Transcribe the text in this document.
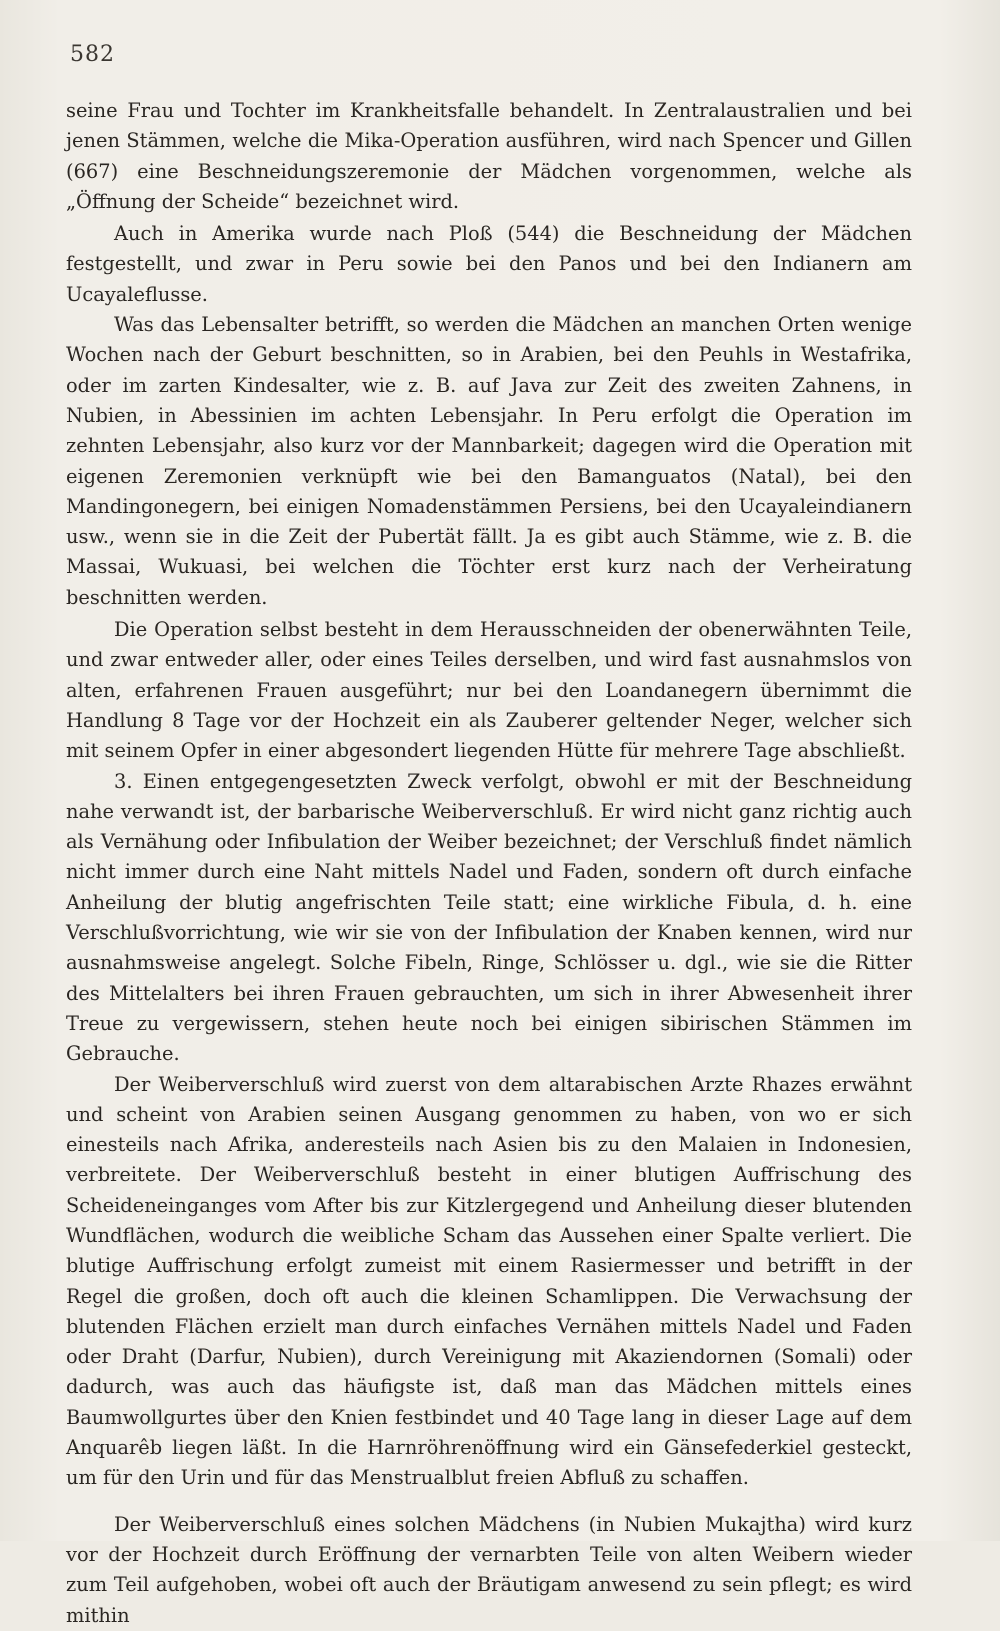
582

seine Frau und Tochter im Krankheitsfalle behandelt. In Zentralaustralien und bei jenen Stämmen, welche die Mika-Operation ausführen, wird nach Spencer und Gillen (667) eine Beschneidungszeremonie der Mädchen vorgenommen, welche als „Öffnung der Scheide“ bezeichnet wird.

Auch in Amerika wurde nach Ploß (544) die Beschneidung der Mädchen festgestellt, und zwar in Peru sowie bei den Panos und bei den Indianern am Ucayaleflusse.

Was das Lebensalter betrifft, so werden die Mädchen an manchen Orten wenige Wochen nach der Geburt beschnitten, so in Arabien, bei den Peuhls in Westafrika, oder im zarten Kindesalter, wie z. B. auf Java zur Zeit des zweiten Zahnens, in Nubien, in Abessinien im achten Lebensjahr. In Peru erfolgt die Operation im zehnten Lebensjahr, also kurz vor der Mannbarkeit; dagegen wird die Operation mit eigenen Zeremonien verknüpft wie bei den Bamanguatos (Natal), bei den Mandingonegern, bei einigen Nomadenstämmen Persiens, bei den Ucayaleindianern usw., wenn sie in die Zeit der Pubertät fällt. Ja es gibt auch Stämme, wie z. B. die Massai, Wukuasi, bei welchen die Töchter erst kurz nach der Verheiratung beschnitten werden.

Die Operation selbst besteht in dem Herausschneiden der obenerwähnten Teile, und zwar entweder aller, oder eines Teiles derselben, und wird fast ausnahmslos von alten, erfahrenen Frauen ausgeführt; nur bei den Loandanegern übernimmt die Handlung 8 Tage vor der Hochzeit ein als Zauberer geltender Neger, welcher sich mit seinem Opfer in einer abgesondert liegenden Hütte für mehrere Tage abschließt.

3. Einen entgegengesetzten Zweck verfolgt, obwohl er mit der Beschneidung nahe verwandt ist, der barbarische Weiberverschluß. Er wird nicht ganz richtig auch als Vernähung oder Infibulation der Weiber bezeichnet; der Verschluß findet nämlich nicht immer durch eine Naht mittels Nadel und Faden, sondern oft durch einfache Anheilung der blutig angefrischten Teile statt; eine wirkliche Fibula, d. h. eine Verschlußvorrichtung, wie wir sie von der Infibulation der Knaben kennen, wird nur ausnahmsweise angelegt. Solche Fibeln, Ringe, Schlösser u. dgl., wie sie die Ritter des Mittelalters bei ihren Frauen gebrauchten, um sich in ihrer Abwesenheit ihrer Treue zu vergewissern, stehen heute noch bei einigen sibirischen Stämmen im Gebrauche.

Der Weiberverschluß wird zuerst von dem altarabischen Arzte Rhazes erwähnt und scheint von Arabien seinen Ausgang genommen zu haben, von wo er sich einesteils nach Afrika, anderesteils nach Asien bis zu den Malaien in Indonesien, verbreitete. Der Weiberverschluß besteht in einer blutigen Auffrischung des Scheideneinganges vom After bis zur Kitzlergegend und Anheilung dieser blutenden Wundflächen, wodurch die weibliche Scham das Aussehen einer Spalte verliert. Die blutige Auffrischung erfolgt zumeist mit einem Rasiermesser und betrifft in der Regel die großen, doch oft auch die kleinen Schamlippen. Die Verwachsung der blutenden Flächen erzielt man durch einfaches Vernähen mittels Nadel und Faden oder Draht (Darfur, Nubien), durch Vereinigung mit Akaziendornen (Somali) oder dadurch, was auch das häufigste ist, daß man das Mädchen mittels eines Baumwollgurtes über den Knien festbindet und 40 Tage lang in dieser Lage auf dem Anquarêb liegen läßt. In die Harnröhrenöffnung wird ein Gänsefederkiel gesteckt, um für den Urin und für das Menstrualblut freien Abfluß zu schaffen.

Der Weiberverschluß eines solchen Mädchens (in Nubien Mukajtha) wird kurz vor der Hochzeit durch Eröffnung der vernarbten Teile von alten Weibern wieder zum Teil aufgehoben, wobei oft auch der Bräutigam anwesend zu sein pflegt; es wird mithin
